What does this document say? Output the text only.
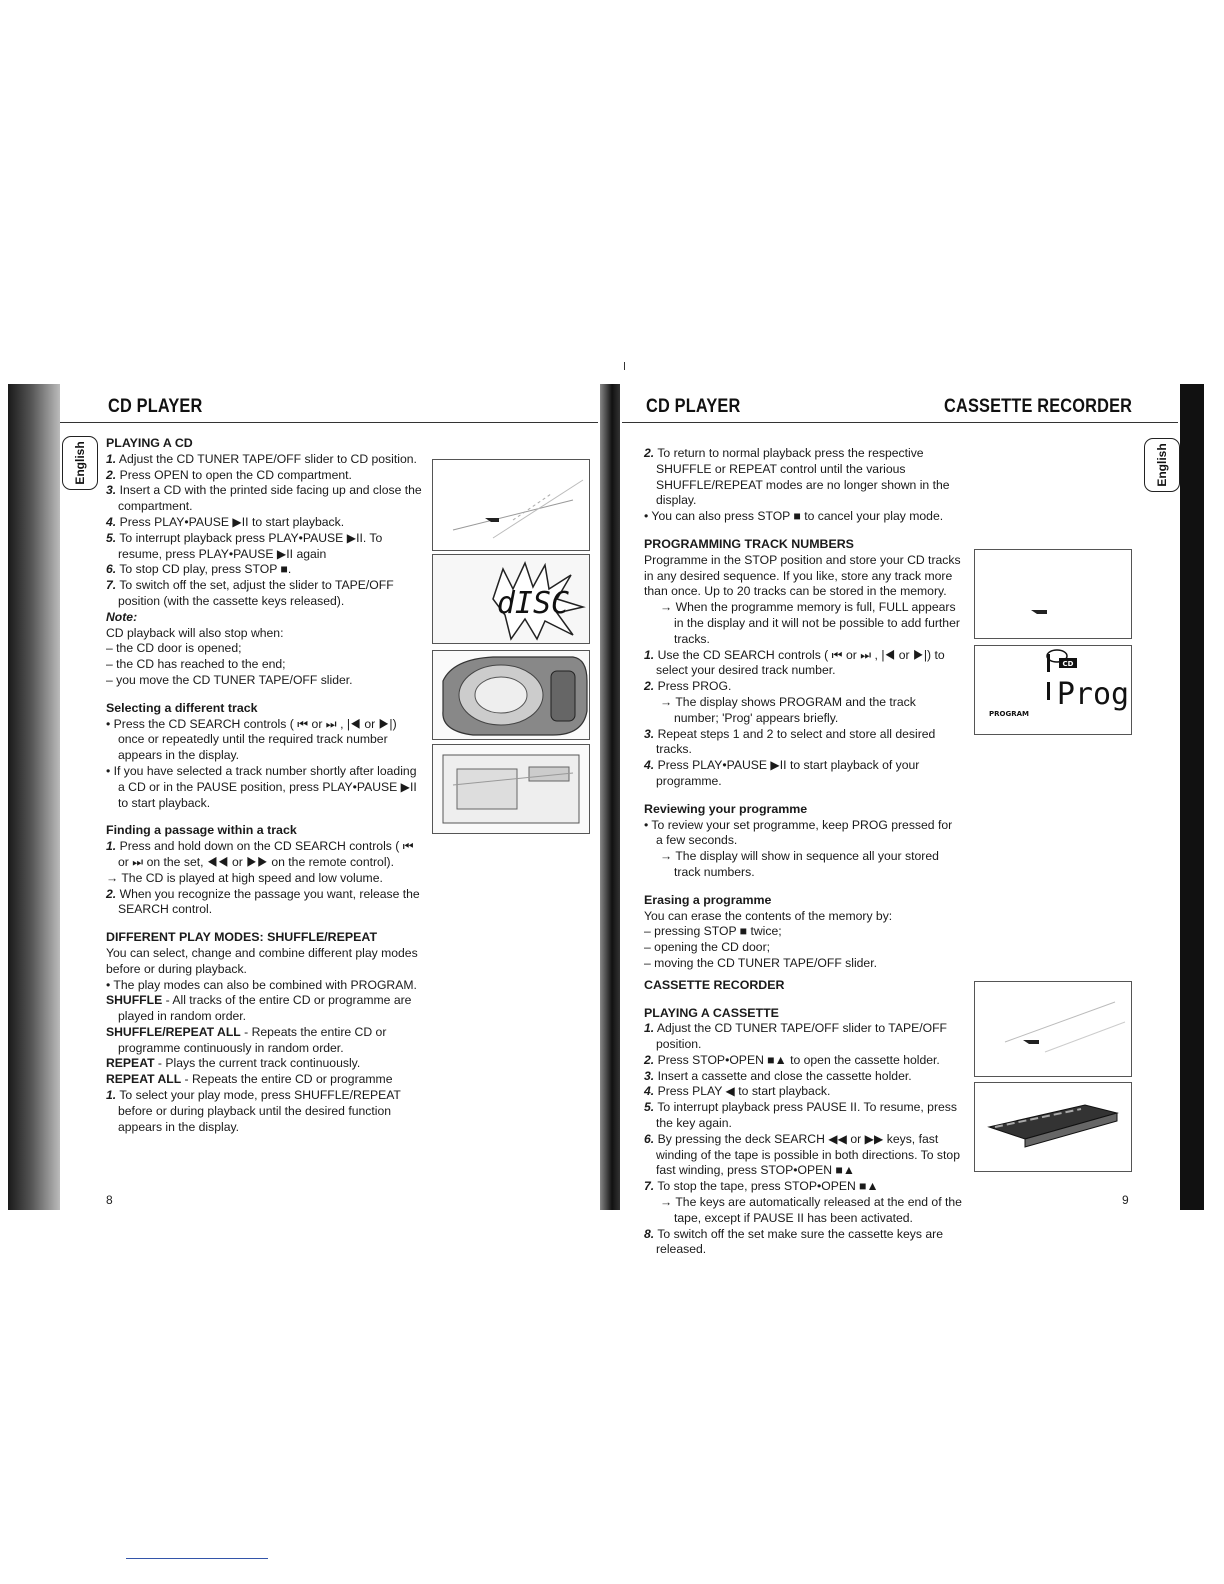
CD PLAYER	CD PLAYER	CASSETTE RECORDER
English	English

PLAYING A CD

1. Adjust the CD TUNER TAPE/OFF slider to CD position.

2. Press OPEN to open the CD compartment.

3. Insert a CD with the printed side facing up and close the compartment.

4. Press PLAY•PAUSE ▶II to start playback.

5. To interrupt playback press PLAY•PAUSE ▶II. To resume, press PLAY•PAUSE ▶II again

6. To stop CD play, press STOP ■.

7. To switch off the set, adjust the slider to TAPE/OFF position (with the cassette keys released).

Note:

CD playback will also stop when:

– the CD door is opened;

– the CD has reached to the end;

– you move the CD TUNER TAPE/OFF slider.

Selecting a different track

• Press the CD SEARCH controls ( ⏮ or ⏭ , |◀ or ▶|) once or repeatedly until the required track number appears in the display.

• If you have selected a track number shortly after loading a CD or in the PAUSE position, press PLAY•PAUSE ▶II to start playback.

Finding a passage within a track

1. Press and hold down on the CD SEARCH controls ( ⏮ or ⏭ on the set, ◀◀ or ▶▶ on the remote control).

→ The CD is played at high speed and low volume.

2. When you recognize the passage you want, release the SEARCH control.

DIFFERENT PLAY MODES: SHUFFLE/REPEAT

You can select, change and combine different play modes before or during playback.

• The play modes can also be combined with PROGRAM.

SHUFFLE - All tracks of the entire CD or programme are played in random order.

SHUFFLE/REPEAT ALL - Repeats the entire CD or programme continuously in random order.

REPEAT - Plays the current track continuously.

REPEAT ALL - Repeats the entire CD or programme

1. To select your play mode, press SHUFFLE/REPEAT before or during playback until the desired function appears in the display.

2. To return to normal playback press the respective SHUFFLE or REPEAT control until the various SHUFFLE/REPEAT modes are no longer shown in the display.

• You can also press STOP ■ to cancel your play mode.

PROGRAMMING TRACK NUMBERS

Programme in the STOP position and store your CD tracks in any desired sequence. If you like, store any track more than once. Up to 20 tracks can be stored in the memory.

→ When the programme memory is full, FULL appears in the display and it will not be possible to add further tracks.

1. Use the CD SEARCH controls ( ⏮ or ⏭ , |◀ or ▶|) to select your desired track number.

2. Press PROG.

→ The display shows PROGRAM and the track number; 'Prog' appears briefly.

3. Repeat steps 1 and 2 to select and store all desired tracks.

4. Press PLAY•PAUSE ▶II to start playback of your programme.

Reviewing your programme

• To review your set programme, keep PROG pressed for a few seconds.

→ The display will show in sequence all your stored track numbers.

Erasing a programme

You can erase the contents of the memory by:

– pressing STOP ■ twice;

– opening the CD door;

– moving the CD TUNER TAPE/OFF slider.

CASSETTE RECORDER

PLAYING A CASSETTE

1. Adjust the CD TUNER TAPE/OFF slider to TAPE/OFF position.

2. Press STOP•OPEN ■▲ to open the cassette holder.

3. Insert a cassette and close the cassette holder.

4. Press PLAY ◀ to start playback.

5. To interrupt playback press PAUSE II. To resume, press the key again.

6. By pressing the deck SEARCH ◀◀ or ▶▶ keys, fast winding of the tape is possible in both directions. To stop fast winding, press STOP•OPEN ■▲

7. To stop the tape, press STOP•OPEN ■▲

→ The keys are automatically released at the end of the tape, except if PAUSE II has been activated.

8. To switch off the set make sure the cassette keys are released.

dISC
CD
Prog
PROGRAM
8	9
